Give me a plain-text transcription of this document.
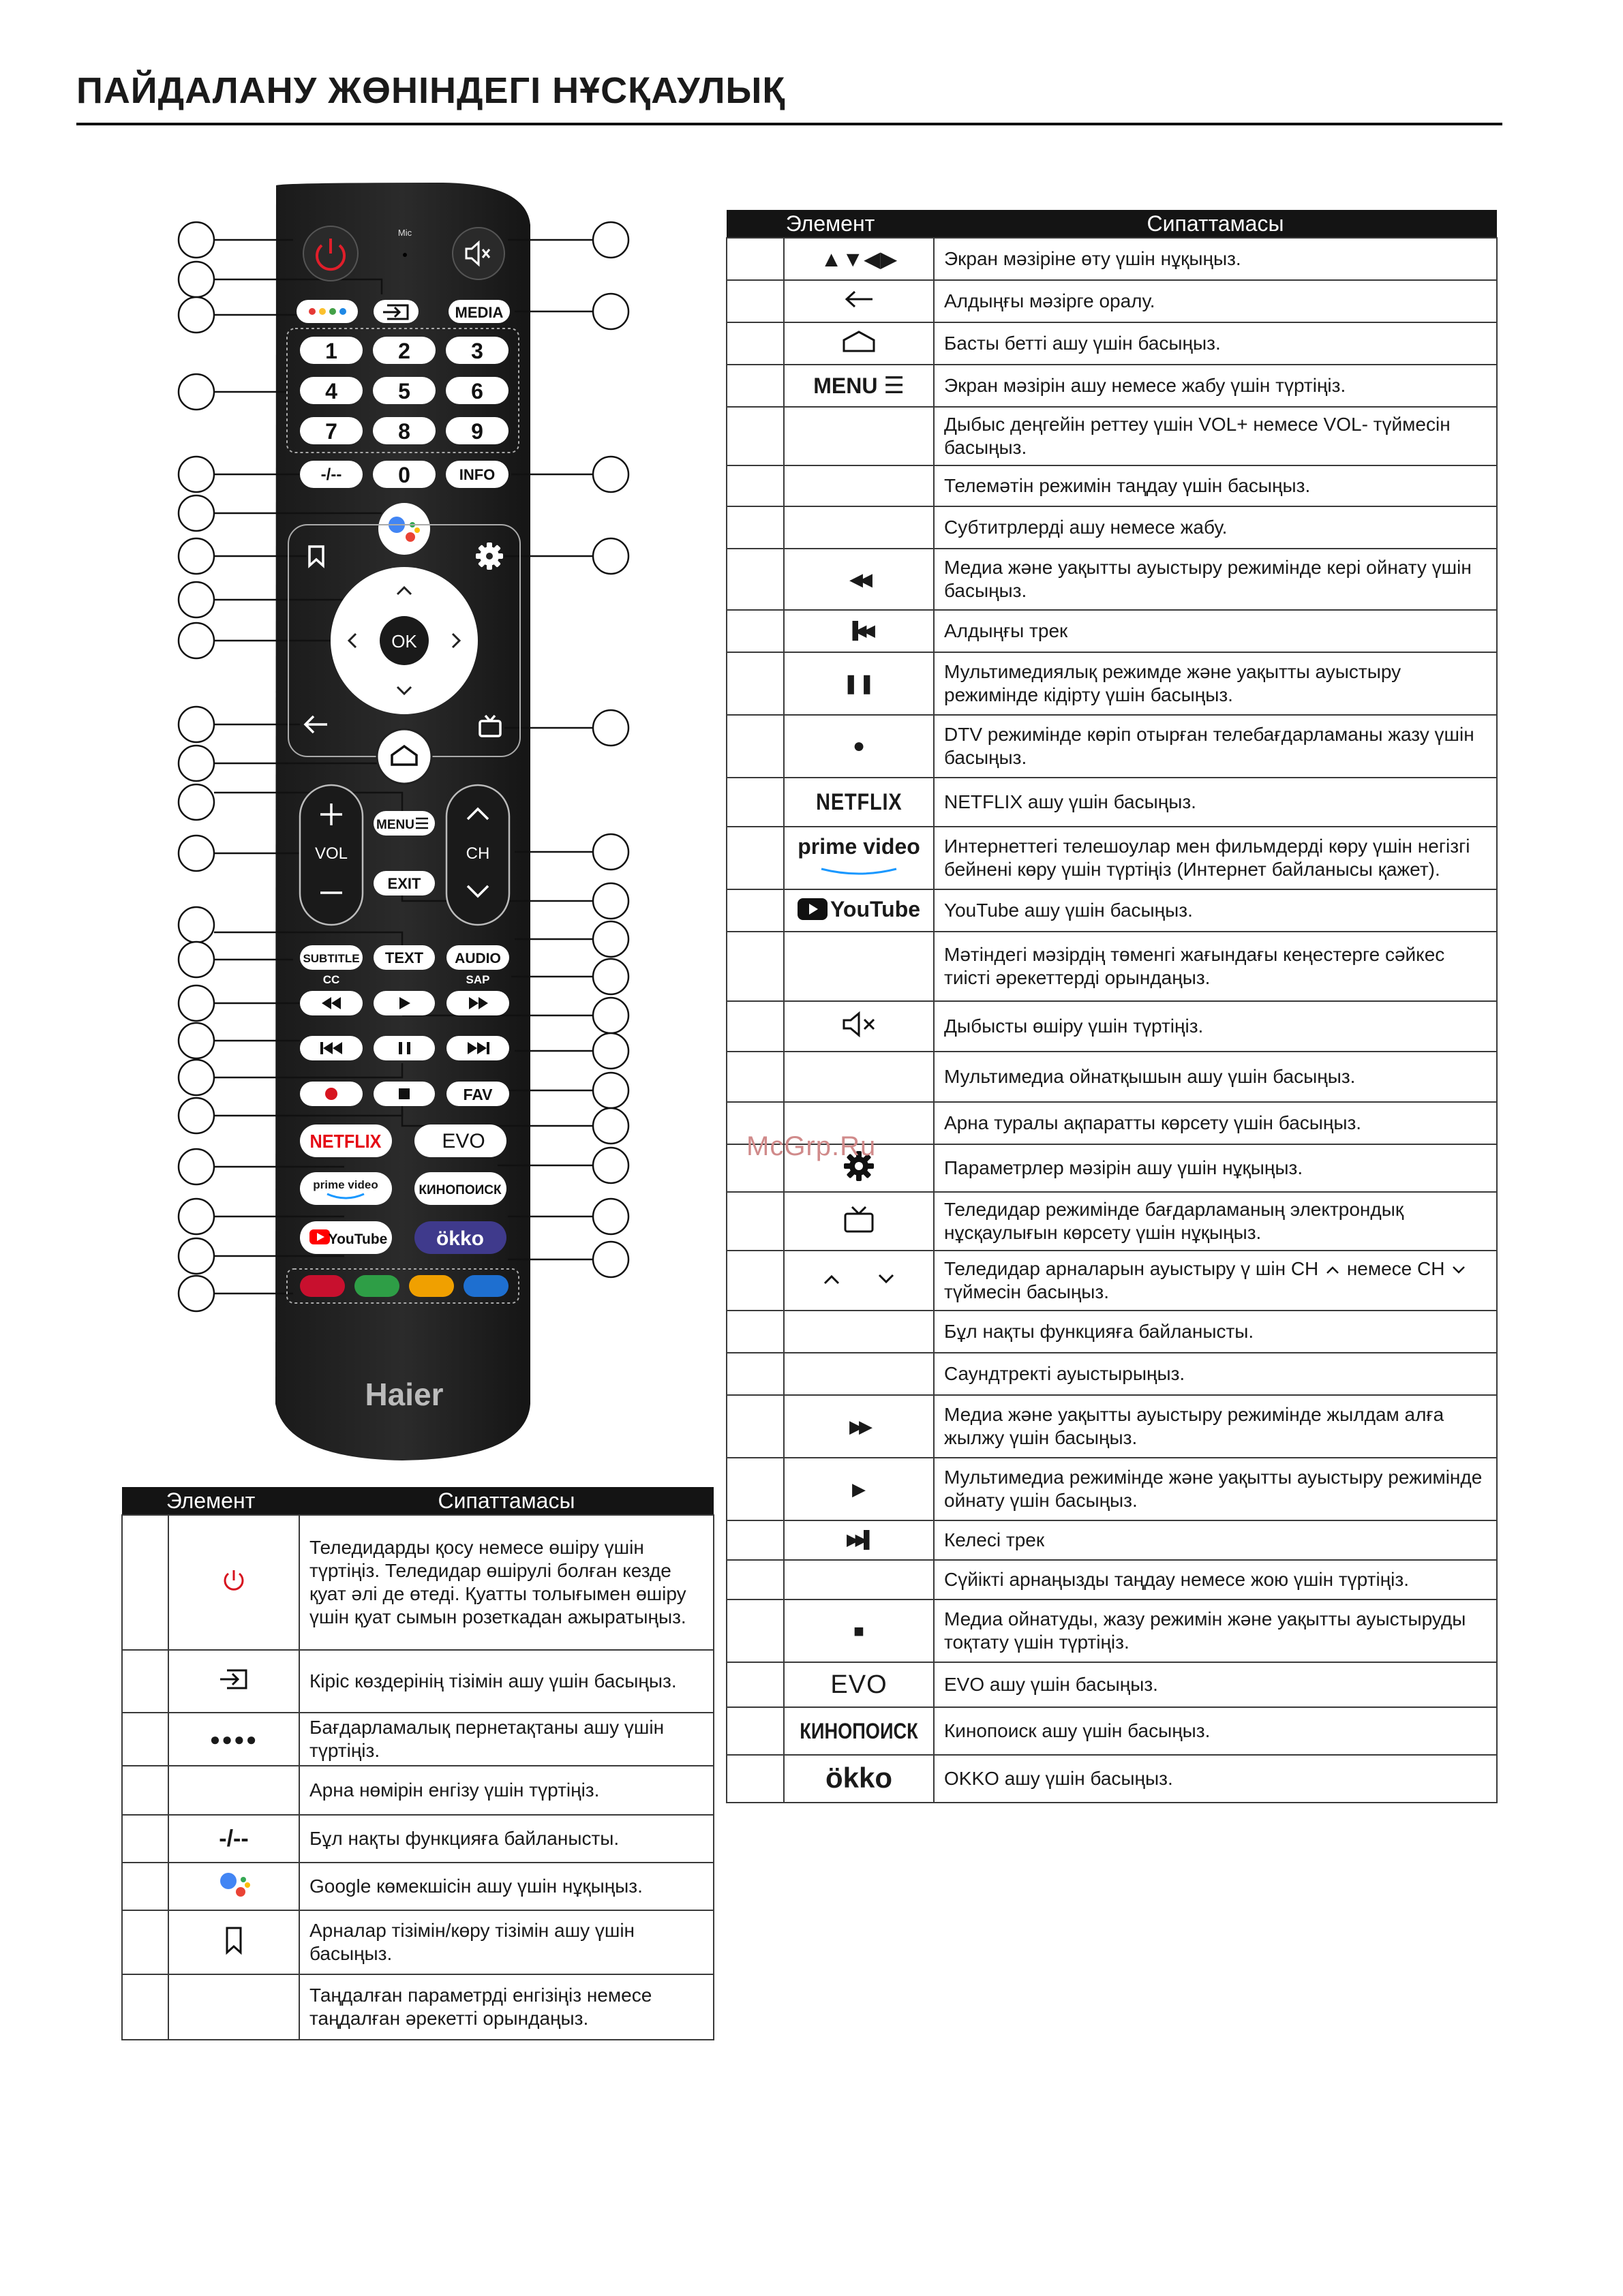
ПАЙДАЛАНУ ЖӨНІНДЕГІ НҰСҚАУЛЫҚ
Mic
MEDIA
1	2	3
4	5	6
7	8	9
-/--	0	INFO
OK
VOL
MENU
EXIT
CH
SUBTITLE TEXT AUDIO
CC	SAP
FAV
NETFLIX	EVO
prime video	КИНОПОИСК
YouTube ökko
Haier
Элемент		Сипаттамасы
		Теледидарды қосу немесе өшіру үшін түртіңіз. Теледидар өшірулі болған кезде қуат әлі де өтеді. Қуатты толығымен өшіру үшін қуат сымын розеткадан ажыратыңыз.
		Кіріс көздерінің тізімін ашу үшін басыңыз.
	●●●●	Бағдарламалық пернетақтаны ашу үшін түртіңіз.
		Арна нөмірін енгізу үшін түртіңіз.
	-/--	Бұл нақты функцияға байланысты.
		Google көмекшісін ашу үшін нұқыңыз.
		Арналар тізімін/көру тізімін ашу үшін басыңыз.
		Таңдалған параметрді енгізіңіз немесе таңдалған әрекетті орындаңыз.
Элемент		Сипаттамасы
	▲▼◀▶	Экран мәзіріне өту үшін нұқыңыз.
		Алдыңғы мәзірге оралу.
		Басты бетті ашу үшін басыңыз.
	MENU ☰	Экран мәзірін ашу немесе жабу үшін түртіңіз.
		Дыбыс деңгейін реттеу үшін VOL+ немесе VOL- түймесін басыңыз.
		Телемәтін режимін таңдау үшін басыңыз.
		Субтитрлерді ашу немесе жабу.
	◀◀	Медиа және уақытты ауыстыру режимінде кері ойнату үшін басыңыз.
	▐◀◀	Алдыңғы трек
	❚❚	Мультимедиялық режимде және уақытты ауыстыру режимінде кідірту үшін басыңыз.
	●	DTV режимінде көріп отырған телебағдарламаны жазу үшін басыңыз.
	NETFLIX	NETFLIX ашу үшін басыңыз.

	prime video	Интернеттегі телешоулар мен фильмдерді көру үшін негізгі бейнені көру үшін түртіңіз (Интернет байланысы қажет).

	YouTube	YouTube ашу үшін басыңыз.
		Мәтіндегі мәзірдің төменгі жағындағы кеңестерге сәйкес тиісті әрекеттерді орындаңыз.
		Дыбысты өшіру үшін түртіңіз.
		Мультимедиа ойнатқышын ашу үшін басыңыз.
		Арна туралы ақпаратты көрсету үшін басыңыз.
		Параметрлер мәзірін ашу үшін нұқыңыз.
		Теледидар режимінде бағдарламаның электрондық нұсқаулығын көрсету үшін нұқыңыз.
		Теледидар арналарын ауыстыру ү шін CH немесе CH  түймесін басыңыз.
		Бұл нақты функцияға байланысты.
		Саундтректі ауыстырыңыз.
	▶▶	Медиа және уақытты ауыстыру режимінде жылдам алға жылжу үшін басыңыз.
	▶	Мультимедиа режимінде және уақытты ауыстыру режимінде ойнату үшін басыңыз.
	▶▶▌	Келесі трек
		Сүйікті арнаңызды таңдау немесе жою үшін түртіңіз.
	■	Медиа ойнатуды, жазу режимін және уақытты ауыстыруды тоқтату үшін түртіңіз.
	EVO	EVO ашу үшін басыңыз.
	КИНОПОИСК	Кинопоиск ашу үшін басыңыз.
	ökko	OKKO ашу үшін басыңыз.
McGrp.Ru
